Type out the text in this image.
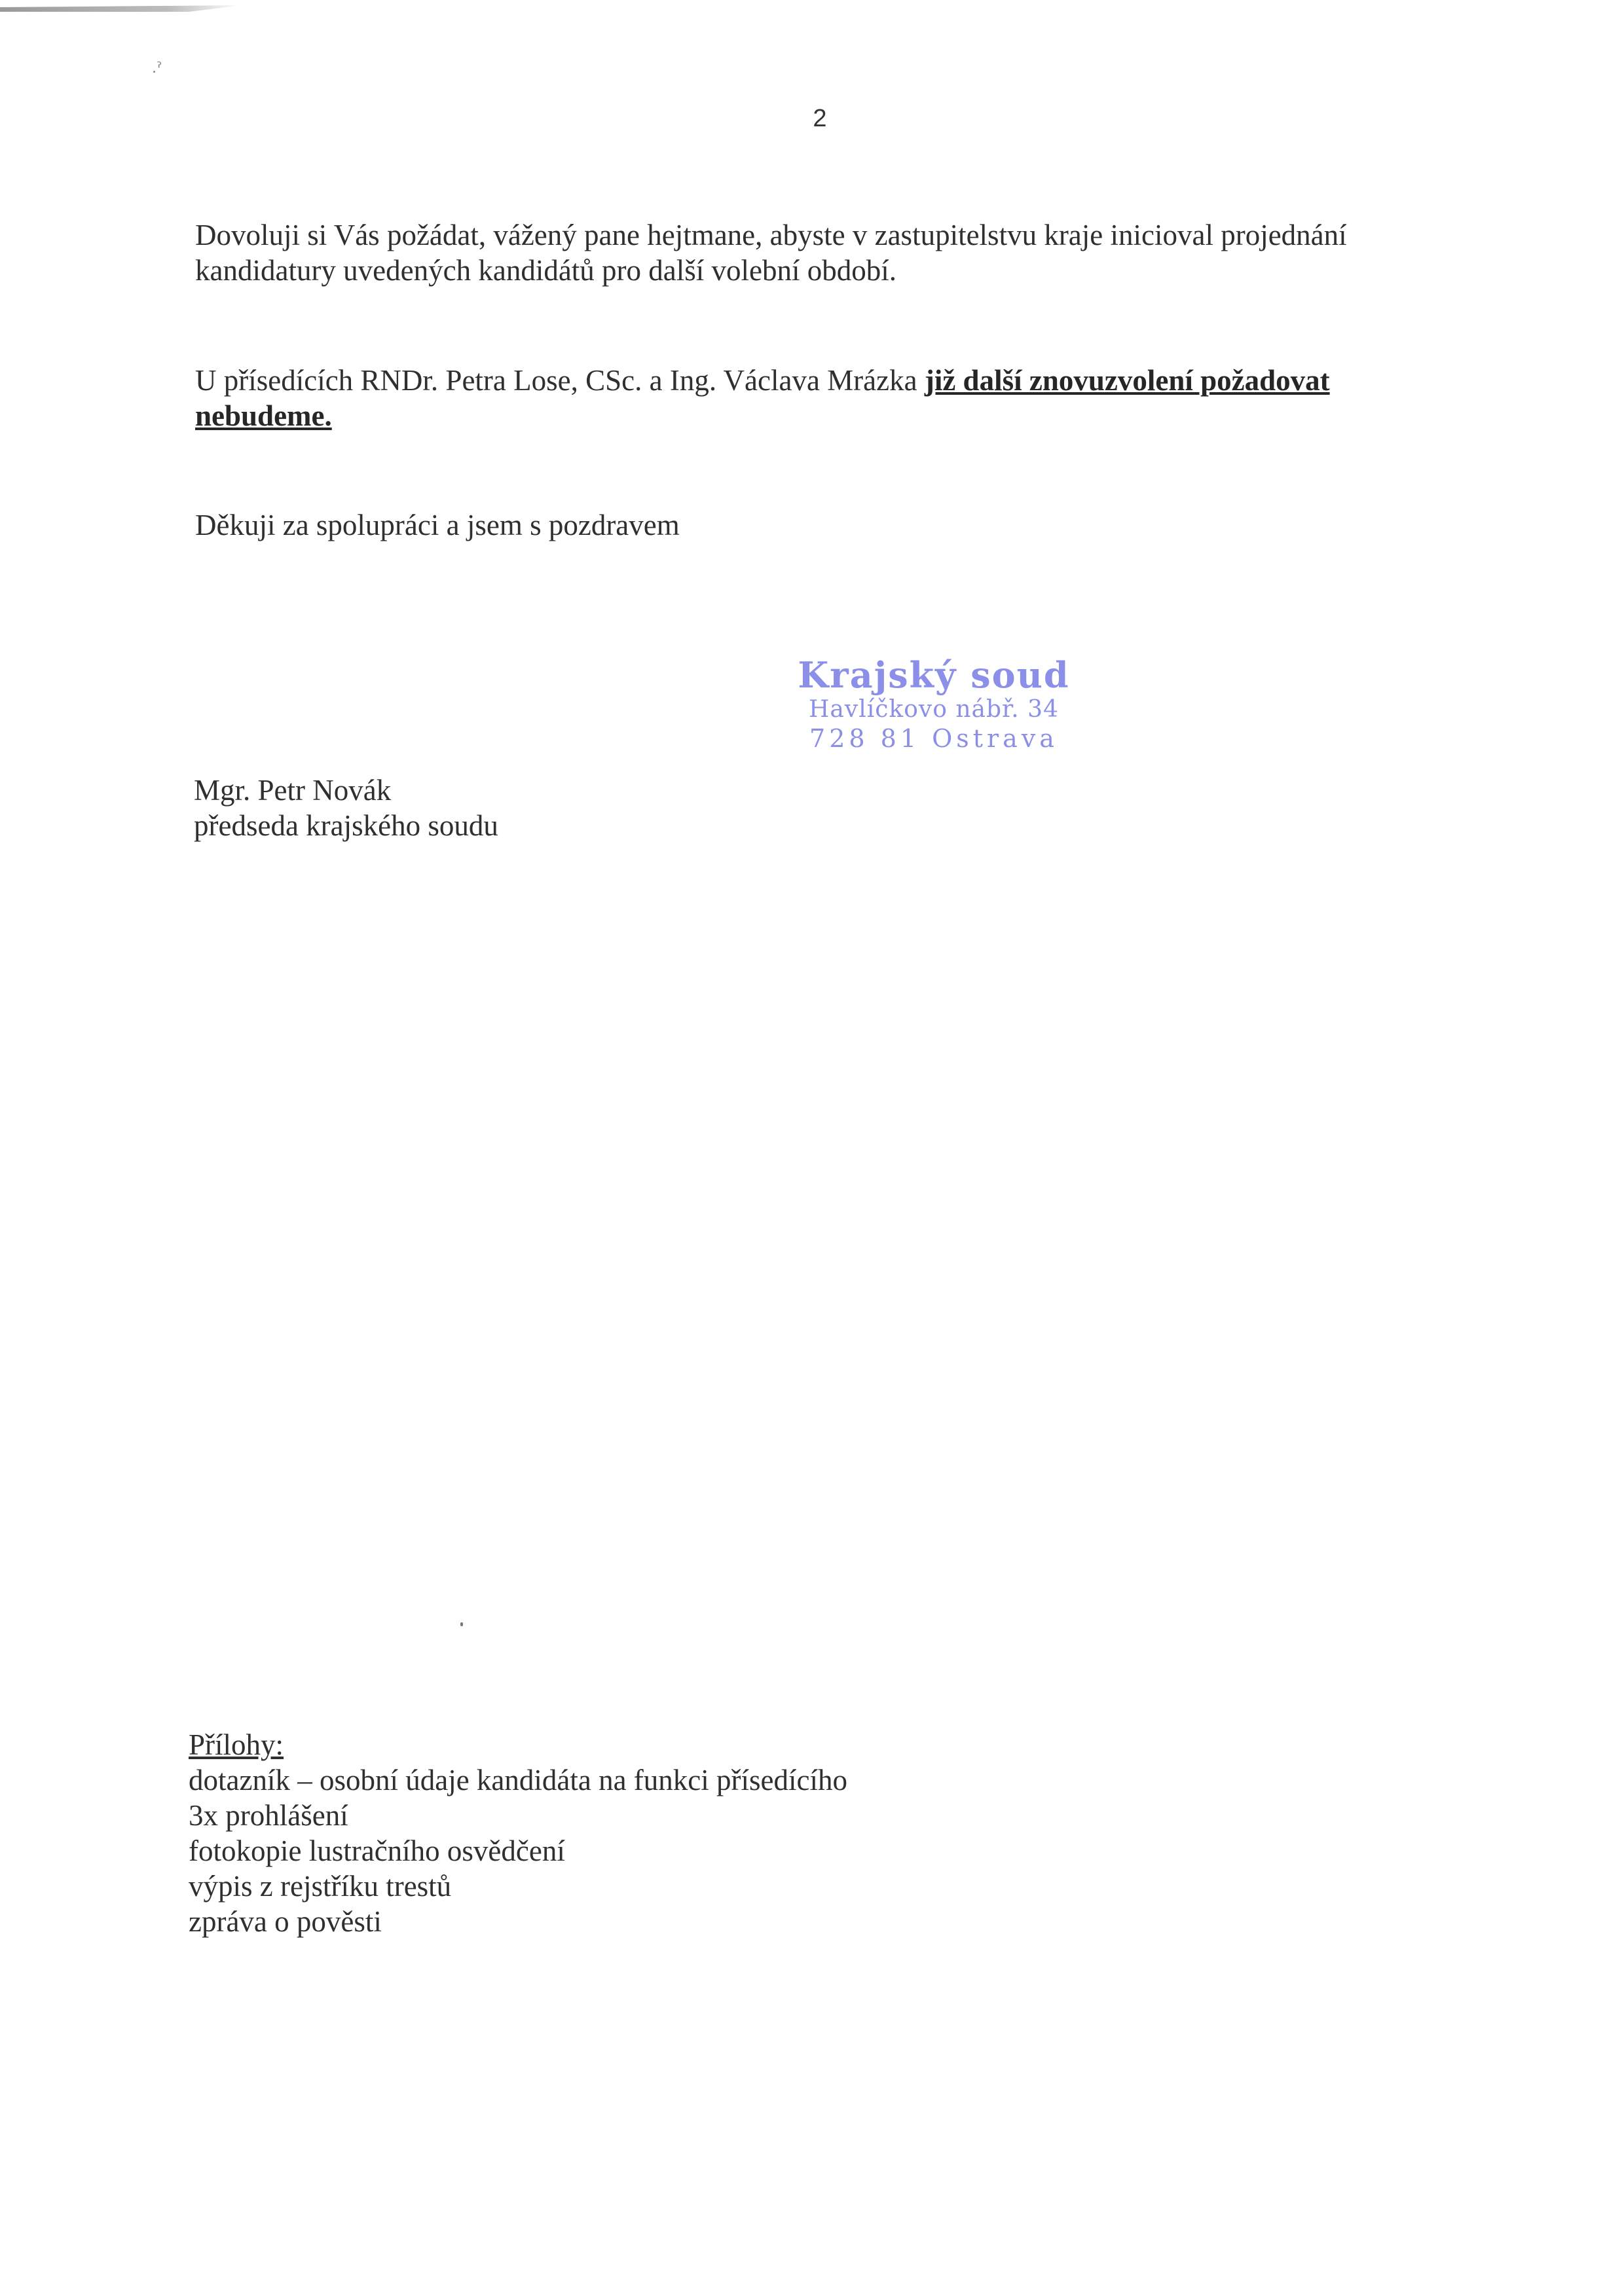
.ˀ
2

Dovoluji si Vás požádat, vážený pane hejtmane, abyste v zastupitelstvu kraje inicioval projednání

kandidatury uvedených kandidátů pro další volební období.

U přísedících RNDr. Petra Lose, CSc. a Ing. Václava Mrázka již další znovuzvolení požadovat

nebudeme.

Děkuji za spolupráci a jsem s pozdravem

Krajský soud
Havlíčkovo nábř. 34
728 81 Ostrava

Mgr. Petr Novák

předseda krajského soudu

Přílohy:

dotazník – osobní údaje kandidáta na funkci přísedícího

3x prohlášení

fotokopie lustračního osvědčení

výpis z rejstříku trestů

zpráva o pověsti
